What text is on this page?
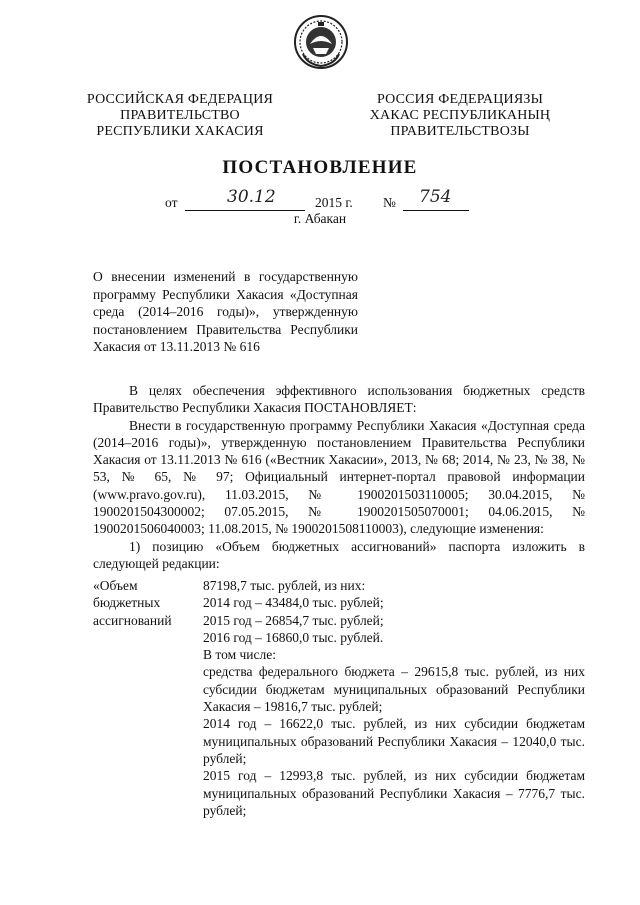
РОССИЙСКАЯ ФЕДЕРАЦИЯ
ПРАВИТЕЛЬСТВО
РЕСПУБЛИКИ ХАКАСИЯ
РОССИЯ ФЕДЕРАЦИЯЗЫ
ХАКАС РЕСПУБЛИКАНЫҢ
ПРАВИТЕЛЬСТВОЗЫ
ПОСТАНОВЛЕНИЕ
от	30.12	2015 г. № 754
г. Абакан
О внесении изменений в государственную программу Республики Хакасия «Доступная среда (2014–2016 годы)», утвержденную постановлением Правительства Республики Хакасия от 13.11.2013 № 616

В целях обеспечения эффективного использования бюджетных средств Правительство Республики Хакасия ПОСТАНОВЛЯЕТ:

Внести в государственную программу Республики Хакасия «Доступная среда (2014–2016 годы)», утвержденную постановлением Правительства Республики Хакасия от 13.11.2013 № 616 («Вестник Хакасии», 2013, № 68; 2014, № 23, № 38, № 53, № 65, № 97; Официальный интернет-портал правовой информации (www.pravo.gov.ru), 11.03.2015, № 1900201503110005; 30.04.2015, № 1900201504300002; 07.05.2015, № 1900201505070001; 04.06.2015, № 1900201506040003; 11.08.2015, № 1900201508110003), следующие изменения:

1) позицию «Объем бюджетных ассигнований» паспорта изложить в следующей редакции:

«Объем
бюджетных
ассигнований
87198,7 тыс. рублей, из них:
2014 год – 43484,0 тыс. рублей;
2015 год – 26854,7 тыс. рублей;
2016 год – 16860,0 тыс. рублей.
В том числе:
средства федерального бюджета – 29615,8 тыс. рублей, из них субсидии бюджетам муниципальных образований Республики Хакасия – 19816,7 тыс. рублей;
2014 год – 16622,0 тыс. рублей, из них субсидии бюджетам муниципальных образований Республики Хакасия – 12040,0 тыс. рублей;
2015 год – 12993,8 тыс. рублей, из них субсидии бюджетам муниципальных образований Республики Хакасия – 7776,7 тыс. рублей;
